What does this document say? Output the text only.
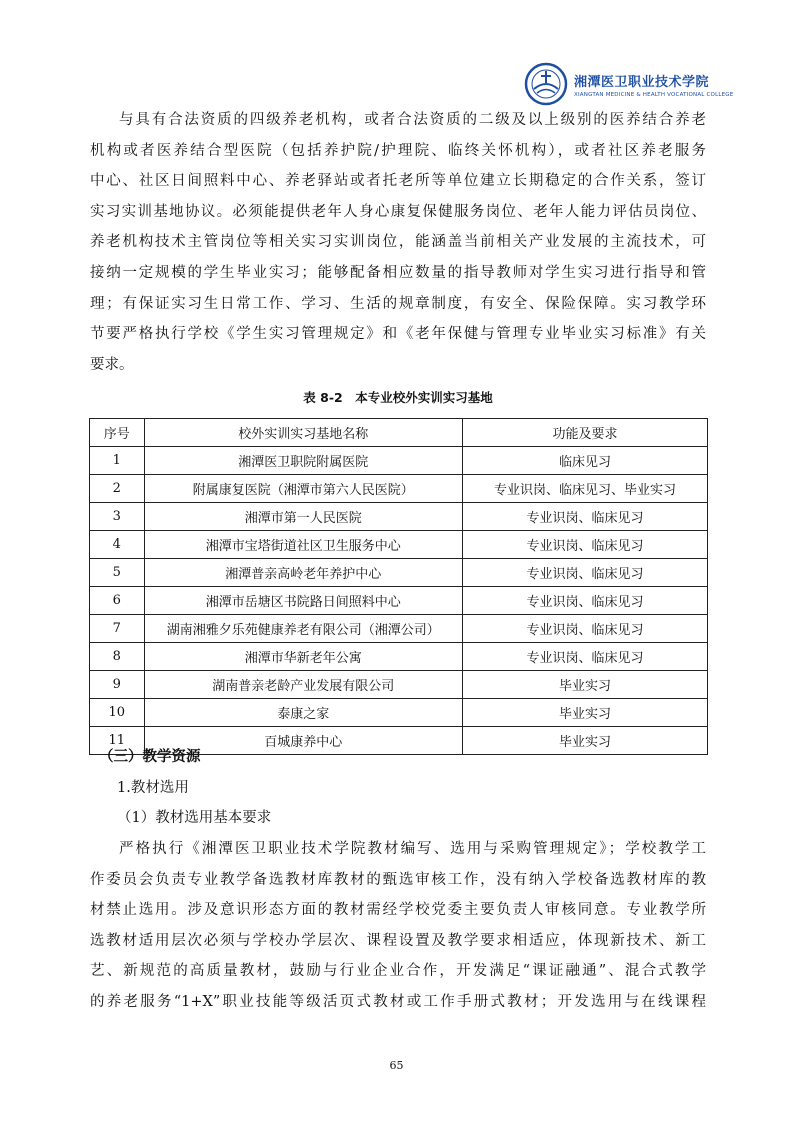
湘潭医卫职业技术学院
XIANGTAN MEDICINE & HEALTH VOCATIONAL COLLEGE
与具有合法资质的四级养老机构，或者合法资质的二级及以上级别的医养结合养老
机构或者医养结合型医院（包括养护院/护理院、临终关怀机构），或者社区养老服务
中心、社区日间照料中心、养老驿站或者托老所等单位建立长期稳定的合作关系，签订
实习实训基地协议。必须能提供老年人身心康复保健服务岗位、老年人能力评估员岗位、
养老机构技术主管岗位等相关实习实训岗位，能涵盖当前相关产业发展的主流技术，可
接纳一定规模的学生毕业实习；能够配备相应数量的指导教师对学生实习进行指导和管
理；有保证实习生日常工作、学习、生活的规章制度，有安全、保险保障。实习教学环
节要严格执行学校《学生实习管理规定》和《老年保健与管理专业毕业实习标准》有关
要求。
表 8-2　本专业校外实训实习基地
序号	校外实训实习基地名称	功能及要求
1	湘潭医卫职院附属医院	临床见习
2	附属康复医院（湘潭市第六人民医院）	专业识岗、临床见习、毕业实习
3	湘潭市第一人民医院	专业识岗、临床见习
4	湘潭市宝塔街道社区卫生服务中心	专业识岗、临床见习
5	湘潭普亲高岭老年养护中心	专业识岗、临床见习
6	湘潭市岳塘区书院路日间照料中心	专业识岗、临床见习
7	湖南湘雅夕乐苑健康养老有限公司（湘潭公司）	专业识岗、临床见习
8	湘潭市华新老年公寓	专业识岗、临床见习
9	湖南普亲老龄产业发展有限公司	毕业实习
10	泰康之家	毕业实习
11	百城康养中心	毕业实习
（三）教学资源
1.教材选用
（1）教材选用基本要求
严格执行《湘潭医卫职业技术学院教材编写、选用与采购管理规定》；学校教学工
作委员会负责专业教学备选教材库教材的甄选审核工作，没有纳入学校备选教材库的教
材禁止选用。涉及意识形态方面的教材需经学校党委主要负责人审核同意。专业教学所
选教材适用层次必须与学校办学层次、课程设置及教学要求相适应，体现新技术、新工
艺、新规范的高质量教材，鼓励与行业企业合作，开发满足“课证融通”、混合式教学
的养老服务“1+X”职业技能等级活页式教材或工作手册式教材；开发选用与在线课程
65
